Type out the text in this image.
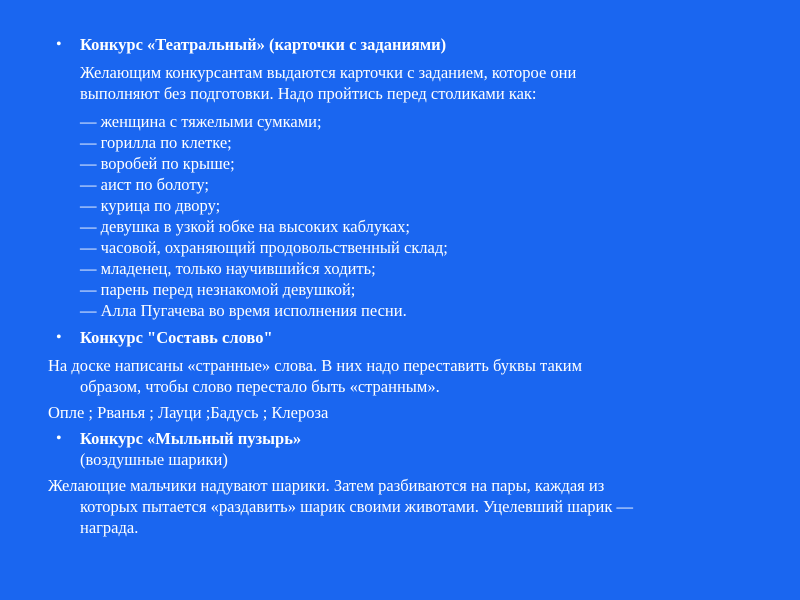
• Конкурс «Театральный» (карточки с заданиями)
Желающим конкурсантам выдаются карточки с заданием, которое они
выполняют без подготовки. Надо пройтись перед столиками как:
— женщина с тяжелыми сумками;
— горилла по клетке;
— воробей по крыше;
— аист по болоту;
— курица по двору;
— девушка в узкой юбке на высоких каблуках;
— часовой, охраняющий продовольственный склад;
— младенец, только научившийся ходить;
— парень перед незнакомой девушкой;
— Алла Пугачева во время исполнения песни.
• Конкурс "Составь слово"
На доске написаны «странные» слова. В них надо переставить буквы таким
образом, чтобы слово перестало быть «странным».
Опле ; Рванья ; Лауци ;Бадусь ; Клероза
• Конкурс «Мыльный пузырь»
(воздушные шарики)
Желающие мальчики надувают шарики. Затем разбиваются на пары, каждая из
которых пытается «раздавить» шарик своими животами. Уцелевший шарик —
награда.
